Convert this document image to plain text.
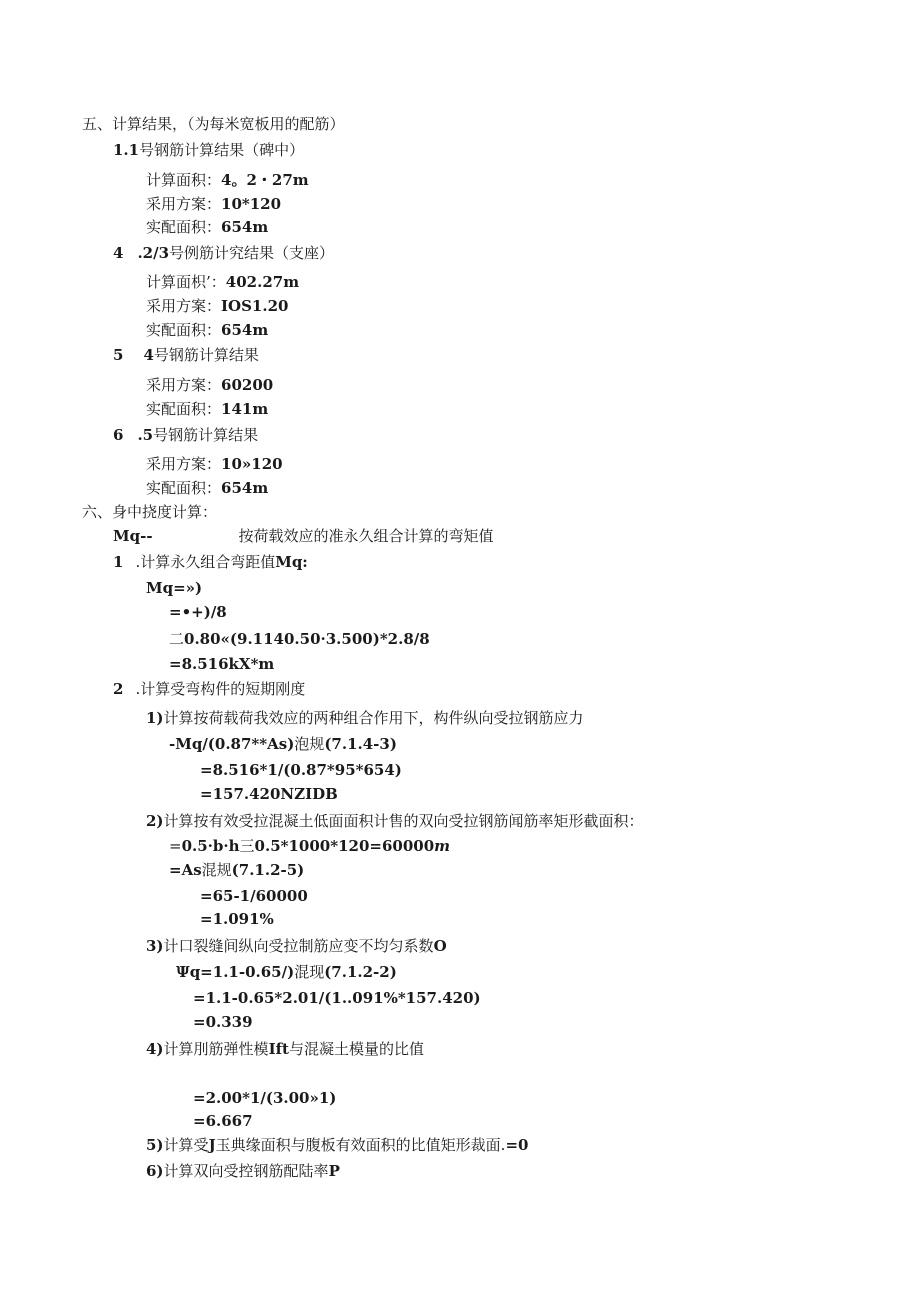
五、计算结果，（为每米宽板用的配筋）
1.1号钢筋计算结果（碑中）
计算面积：4。2・27m
采用方案：10*120
实配面积：654m
4 .2/3号例筋计究结果（支座）
计算面枳’：402.27m
采用方案：IOS1.20
实配面积：654m
5 4号钢筋计算结果
采用方案：60200
实配面积：141m
6 .5号钢筋计算结果
采用方案：10»120
实配面积：654m
六、身中挠度计算：
Mq--	按荷载效应的准永久组合计算的弯矩值
1 .计算永久组合弯距值Mq:
Mq=»)
=•+)/8
二0.80«(9.1140.50·3.500)*2.8/8
=8.516kX*m
2 .计算受弯构件的短期刚度
1)计算按荷载荷我效应的两种组合作用下，构件纵向受拉钢筋应力
-Mq/(0.87**As)泡规(7.1.4-3)
=8.516*1/(0.87*95*654)
=157.420NZIDB
2)计算按有效受拉混凝土低面面积计售的双向受拉钢筋闻筋率矩形截面积：
=0.5·b·h三0.5*1000*120=60000m
=As混规(7.1.2-5)
=65-1/60000
=1.091%
3)计口裂缝间纵向受拉制筋应变不均匀系数O
Ψq=1.1-0.65/)混现(7.1.2-2)
=1.1-0.65*2.01/(1..091%*157.420)
=0.339
4)计算刖筋弹性模Ift与混凝土模量的比值
=2.00*1/(3.00»1)
=6.667
5)计算受J玉典缘面积与腹板有效面积的比值矩形裁面.=0
6)计算双向受控钢筋配陆率P
